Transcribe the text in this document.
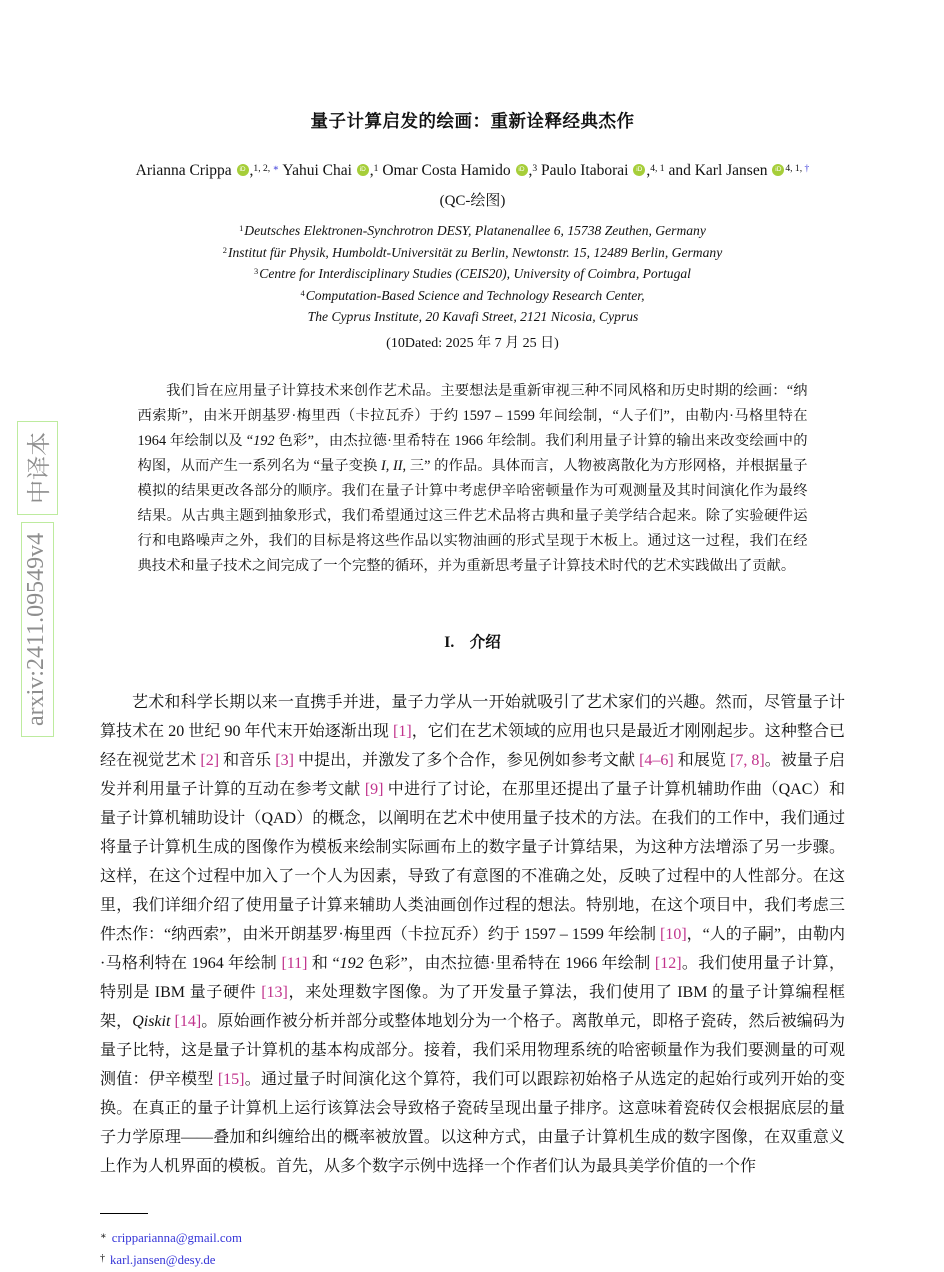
arxiv:2411.09549v4
中译本
量子计算启发的绘画：重新诠释经典杰作
Arianna Crippa iD,$^{1, 2,}$ ∗ Yahui Chai iD,$^1$ Omar Costa Hamido iD,$^3$ Paulo Itaborai iD,$^{4, 1}$ and Karl Jansen $iD^{4, 1,}$ †
(QC-绘图)
$^1$Deutsches Elektronen-Synchrotron DESY, Platanenallee 6, 15738 Zeuthen, Germany
$^2$Institut für Physik, Humboldt-Universität zu Berlin, Newtonstr. 15, 12489 Berlin, Germany
$^3$Centre for Interdisciplinary Studies (CEIS20), University of Coimbra, Portugal
$^4$Computation-Based Science and Technology Research Center,
The Cyprus Institute, 20 Kavafi Street, 2121 Nicosia, Cyprus
(10Dated: 2025 年 7 月 25 日)
我们旨在应用量子计算技术来创作艺术品。主要想法是重新审视三种不同风格和历史时期的绘画：“纳西索斯”，由米开朗基罗·梅里西（卡拉瓦乔）于约 1597 – 1599 年间绘制，“人子们”，由勒内·马格里特在 1964 年绘制以及 “192 色彩”，由杰拉德·里希特在 1966 年绘制。我们利用量子计算的输出来改变绘画中的构图，从而产生一系列名为 “量子变换 I, II, 三” 的作品。具体而言，人物被离散化为方形网格，并根据量子模拟的结果更改各部分的顺序。我们在量子计算中考虑伊辛哈密顿量作为可观测量及其时间演化作为最终结果。从古典主题到抽象形式，我们希望通过这三件艺术品将古典和量子美学结合起来。除了实验硬件运行和电路噪声之外，我们的目标是将这些作品以实物油画的形式呈现于木板上。通过这一过程，我们在经典技术和量子技术之间完成了一个完整的循环，并为重新思考量子计算技术时代的艺术实践做出了贡献。
I. 介绍

艺术和科学长期以来一直携手并进，量子力学从一开始就吸引了艺术家们的兴趣。然而，尽管量子计算技术在 20 世纪 90 年代末开始逐渐出现 [1]，它们在艺术领域的应用也只是最近才刚刚起步。这种整合已经在视觉艺术 [2] 和音乐 [3] 中提出，并激发了多个合作，参见例如参考文献 [4–6] 和展览 [7, 8]。被量子启发并利用量子计算的互动在参考文献 [9] 中进行了讨论，在那里还提出了量子计算机辅助作曲（QAC）和量子计算机辅助设计（QAD）的概念，以阐明在艺术中使用量子技术的方法。在我们的工作中，我们通过将量子计算机生成的图像作为模板来绘制实际画布上的数字量子计算结果，为这种方法增添了另一步骤。这样，在这个过程中加入了一个人为因素，导致了有意图的不准确之处，反映了过程中的人性部分。在这里，我们详细介绍了使用量子计算来辅助人类油画创作过程的想法。特别地，在这个项目中，我们考虑三件杰作：“纳西索”，由米开朗基罗·梅里西（卡拉瓦乔）约于 1597 – 1599 年绘制 [10]，“人的子嗣”，由勒内·马格利特在 1964 年绘制 [11] 和 “192 色彩”，由杰拉德·里希特在 1966 年绘制 [12]。我们使用量子计算，特别是 IBM 量子硬件 [13]，来处理数字图像。为了开发量子算法，我们使用了 IBM 的量子计算编程框架，Qiskit [14]。原始画作被分析并部分或整体地划分为一个格子。离散单元，即格子瓷砖，然后被编码为量子比特，这是量子计算机的基本构成部分。接着，我们采用物理系统的哈密顿量作为我们要测量的可观测值：伊辛模型 [15]。通过量子时间演化这个算符，我们可以跟踪初始格子从选定的起始行或列开始的变换。在真正的量子计算机上运行该算法会导致格子瓷砖呈现出量子排序。这意味着瓷砖仅会根据底层的量子力学原理——叠加和纠缠给出的概率被放置。以这种方式，由量子计算机生成的数字图像，在双重意义上作为人机界面的模板。首先，从多个数字示例中选择一个作者们认为最具美学价值的一个作

∗ cripparianna@gmail.com
† karl.jansen@desy.de
